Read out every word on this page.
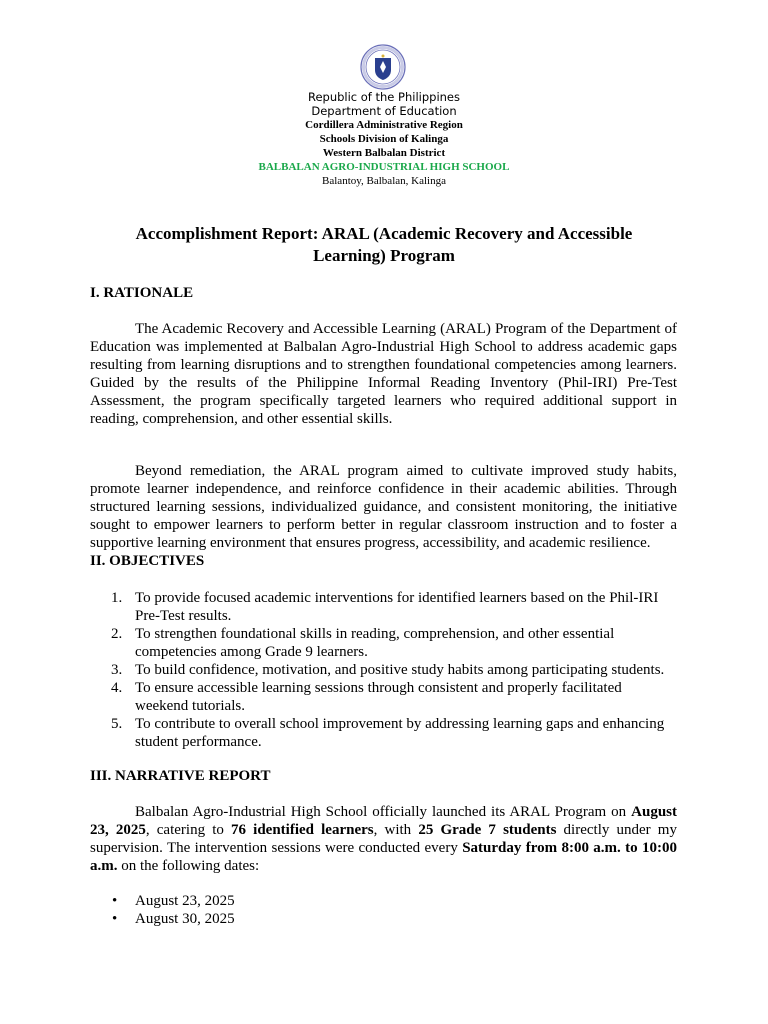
Republic of the Philippines
Department of Education
Cordillera Administrative Region
Schools Division of Kalinga
Western Balbalan District
BALBALAN AGRO-INDUSTRIAL HIGH SCHOOL
Balantoy, Balbalan, Kalinga
Accomplishment Report: ARAL (Academic Recovery and Accessible Learning) Program
I. RATIONALE

The Academic Recovery and Accessible Learning (ARAL) Program of the Department of Education was implemented at Balbalan Agro-Industrial High School to address academic gaps resulting from learning disruptions and to strengthen foundational competencies among learners. Guided by the results of the Philippine Informal Reading Inventory (Phil-IRI) Pre-Test Assessment, the program specifically targeted learners who required additional support in reading, comprehension, and other essential skills.

Beyond remediation, the ARAL program aimed to cultivate improved study habits, promote learner independence, and reinforce confidence in their academic abilities. Through structured learning sessions, individualized guidance, and consistent monitoring, the initiative sought to empower learners to perform better in regular classroom instruction and to foster a supportive learning environment that ensures progress, accessibility, and academic resilience.

II. OBJECTIVES
1. To provide focused academic interventions for identified learners based on the Phil-IRI Pre-Test results.
2. To strengthen foundational skills in reading, comprehension, and other essential competencies among Grade 9 learners.
3. To build confidence, motivation, and positive study habits among participating students.
4. To ensure accessible learning sessions through consistent and properly facilitated weekend tutorials.
5. To contribute to overall school improvement by addressing learning gaps and enhancing student performance.
III. NARRATIVE REPORT

Balbalan Agro-Industrial High School officially launched its ARAL Program on August 23, 2025, catering to 76 identified learners, with 25 Grade 7 students directly under my supervision. The intervention sessions were conducted every Saturday from 8:00 a.m. to 10:00 a.m. on the following dates:

• August 23, 2025
• August 30, 2025
